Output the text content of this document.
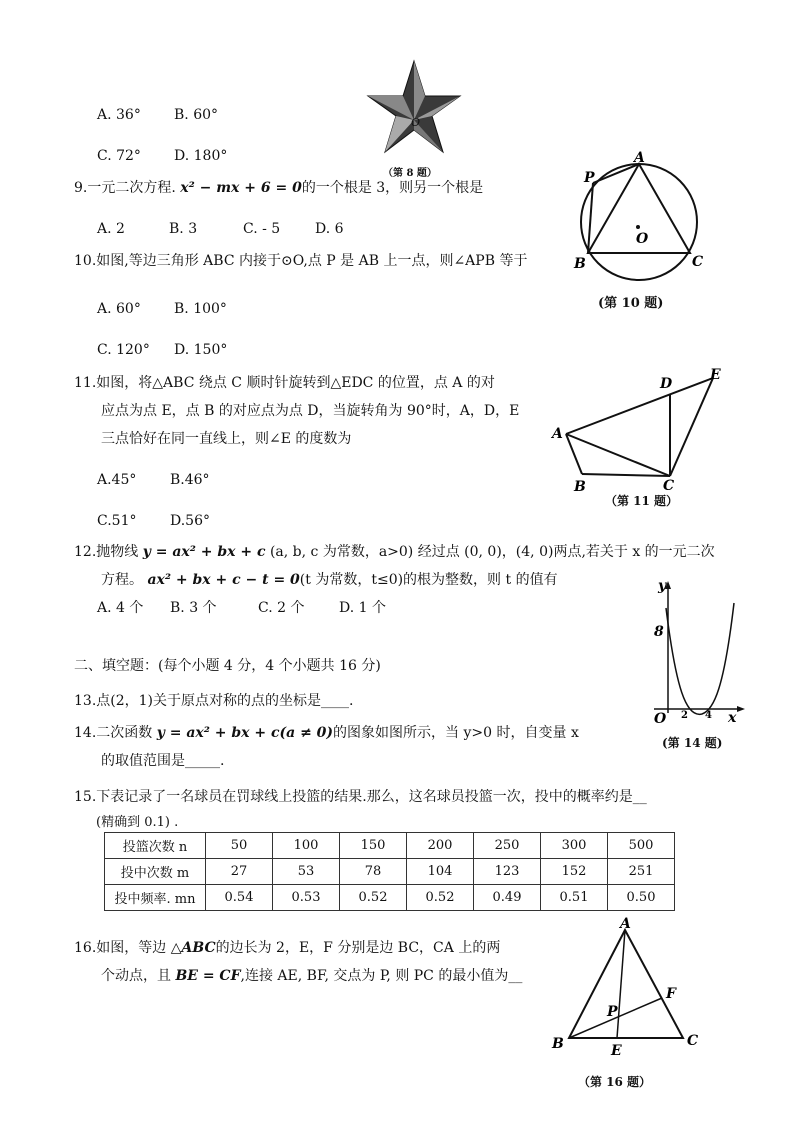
A. 36° B. 60°
C. 72° D. 180°
O
（第 8 题）
9.一元二次方程. x² − mx + 6 = 0的一个根是 3，则另一个根是
A. 2	B. 3	C. - 5 D. 6
A
P
O
B	C
(第 10 题)
10.如图,等边三角形 ABC 内接于⊙O,点 P 是 AB 上一点，则∠APB 等于
A. 60° B. 100°
C. 120° D. 150°
11.如图，将△ABC 绕点 C 顺时针旋转到△EDC 的位置，点 A 的对
应点为点 E，点 B 的对应点为点 D，当旋转角为 90°时，A，D，E
三点恰好在同一直线上，则∠E 的度数为
A.45° B.46°
C.51° D.56°
A
B	C
D
E
（第 11 题）
12.抛物线 y = ax² + bx + c (a, b, c 为常数，a>0) 经过点 (0, 0)，(4, 0)两点,若关于 x 的一元二次
方程。 ax² + bx + c − t = 0(t 为常数，t≤0)的根为整数，则 t 的值有
A. 4 个 B. 3 个	C. 2 个 D. 1 个
二、填空题：(每个小题 4 分，4 个小题共 16 分)
13.点(2，1)关于原点对称的点的坐标是____.
14.二次函数 y = ax² + bx + c(a ≠ 0)的图象如图所示，当 y>0 时，自变量 x
的取值范围是_____.
y
8
O 2 4 x
(第 14 题)
15.下表记录了一名球员在罚球线上投篮的结果.那么，这名球员投篮一次，投中的概率约是__
(精确到 0.1) .
投篮次数 n	50	100	150	200	250	300	500
投中次数 m	27	53	78	104	123	152	251
投中频率. mn	0.54	0.53	0.52	0.52	0.49	0.51	0.50
16.如图，等边 △ABC的边长为 2，E，F 分别是边 BC，CA 上的两
个动点，且 BE = CF,连接 AE, BF, 交点为 P, 则 PC 的最小值为__
A
F
P
B	E
C
（第 16 题）
